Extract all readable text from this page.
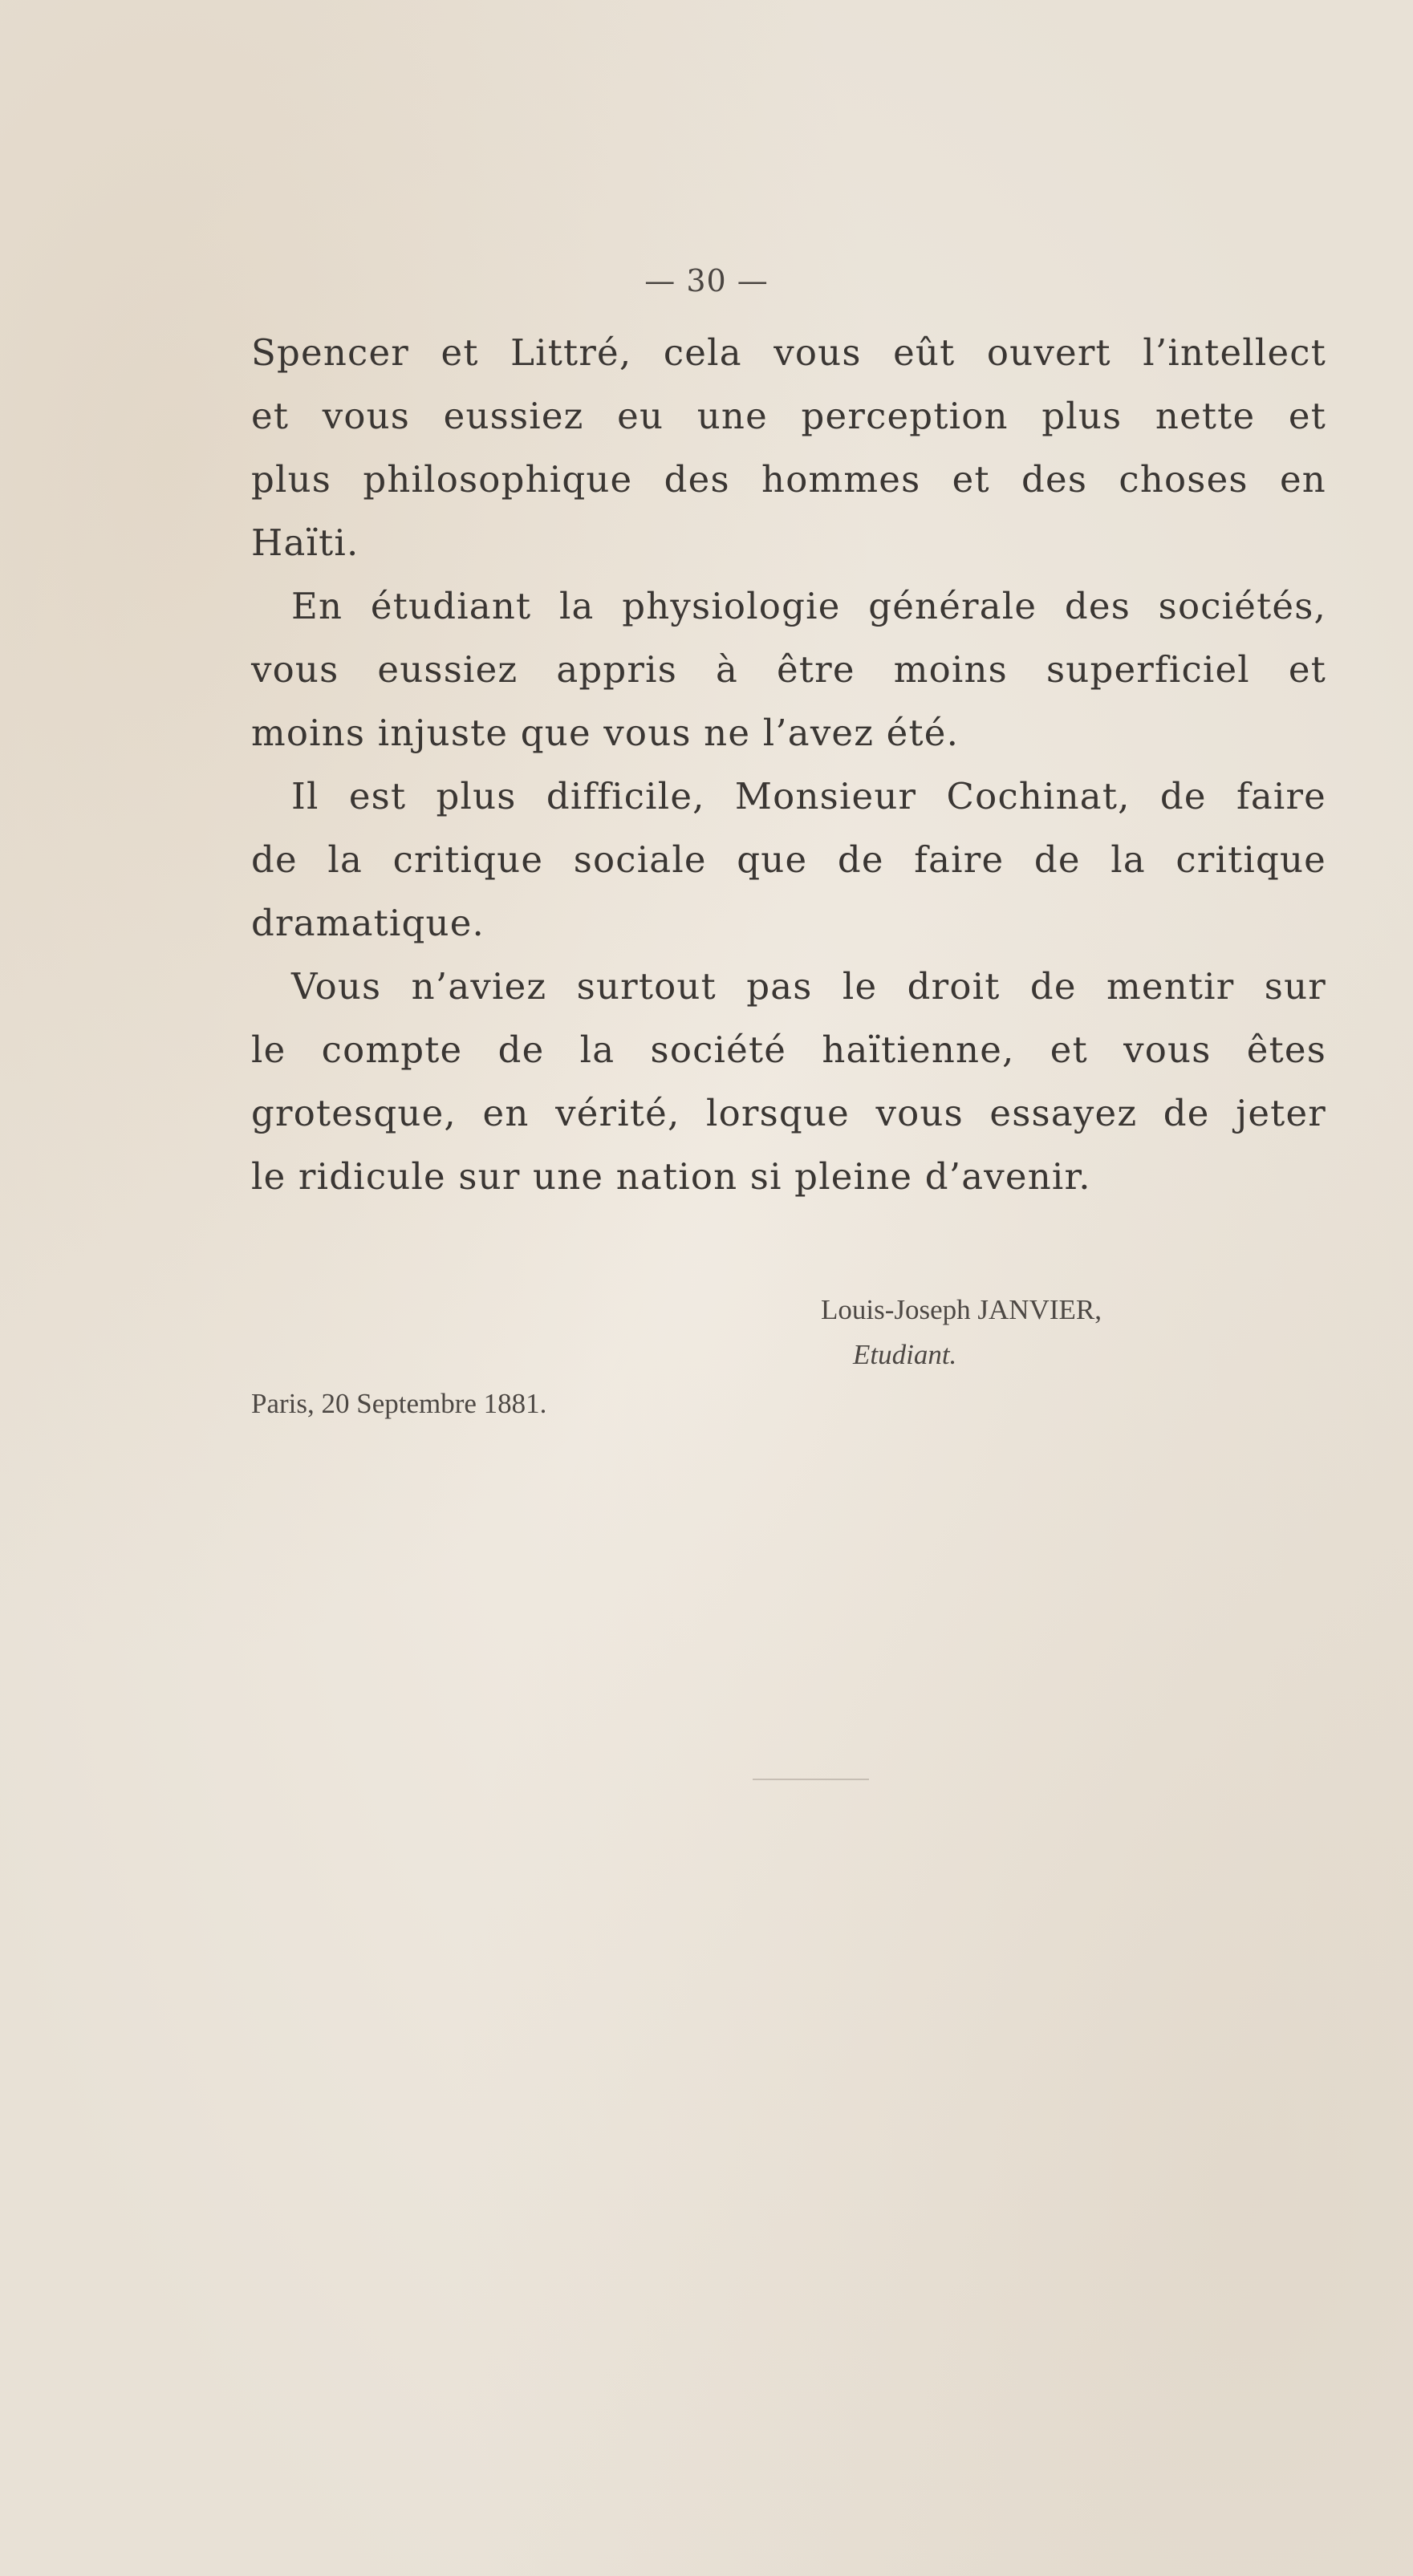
— 30 —
Spencer et Littré, cela vous eût ouvert l’intellect
et vous eussiez eu une perception plus nette et
plus philosophique des hommes et des choses en
Haïti.
En étudiant la physiologie générale des sociétés,
vous eussiez appris à être moins superficiel et
moins injuste que vous ne l’avez été.
Il est plus difficile, Monsieur Cochinat, de faire
de la critique sociale que de faire de la critique
dramatique.
Vous n’aviez surtout pas le droit de mentir sur
le compte de la société haïtienne, et vous êtes
grotesque, en vérité, lorsque vous essayez de jeter
le ridicule sur une nation si pleine d’avenir.
Louis-Joseph JANVIER,
Etudiant.
Paris, 20 Septembre 1881.
